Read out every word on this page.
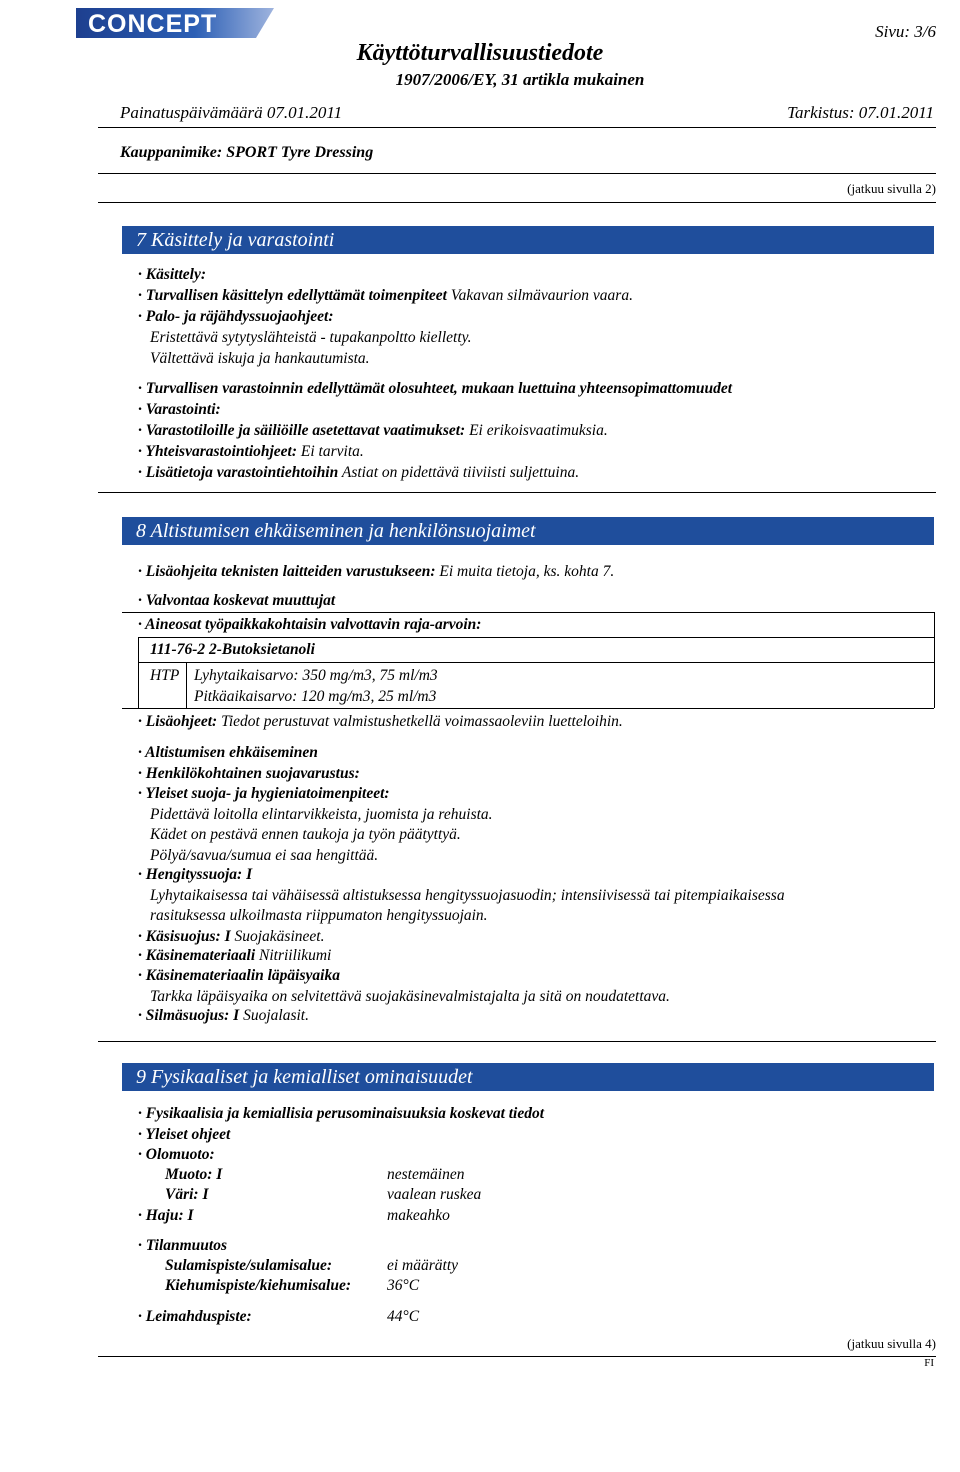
CONCEPT	Sivu: 3/6
Käyttöturvallisuustiedote
1907/2006/EY, 31 artikla mukainen
Painatuspäivämäärä 07.01.2011	Tarkistus: 07.01.2011
Kauppanimike: SPORT Tyre Dressing
(jatkuu sivulla 2)
7 Käsittely ja varastointi
· Käsittely:
· Turvallisen käsittelyn edellyttämät toimenpiteet Vakavan silmävaurion vaara.
· Palo- ja räjähdyssuojaohjeet:
Eristettävä sytytyslähteistä - tupakanpoltto kielletty.
Vältettävä iskuja ja hankautumista.
· Turvallisen varastoinnin edellyttämät olosuhteet, mukaan luettuina yhteensopimattomuudet
· Varastointi:
· Varastotiloille ja säiliöille asetettavat vaatimukset: Ei erikoisvaatimuksia.
· Yhteisvarastointiohjeet: Ei tarvita.
· Lisätietoja varastointiehtoihin Astiat on pidettävä tiiviisti suljettuina.
8 Altistumisen ehkäiseminen ja henkilönsuojaimet
· Lisäohjeita teknisten laitteiden varustukseen: Ei muita tietoja, ks. kohta 7.
· Valvontaa koskevat muuttujat
· Aineosat työpaikkakohtaisin valvottavin raja-arvoin:
111-76-2 2-Butoksietanoli
HTP Lyhytaikaisarvo: 350 mg/m3, 75 ml/m3
Pitkäaikaisarvo: 120 mg/m3, 25 ml/m3
· Lisäohjeet: Tiedot perustuvat valmistushetkellä voimassaoleviin luetteloihin.
· Altistumisen ehkäiseminen
· Henkilökohtainen suojavarustus:
· Yleiset suoja- ja hygieniatoimenpiteet:
Pidettävä loitolla elintarvikkeista, juomista ja rehuista.
Kädet on pestävä ennen taukoja ja työn päätyttyä.
Pölyä/savua/sumua ei saa hengittää.
· Hengityssuoja: I
Lyhytaikaisessa tai vähäisessä altistuksessa hengityssuojasuodin; intensiivisessä tai pitempiaikaisessa
rasituksessa ulkoilmasta riippumaton hengityssuojain.
· Käsisuojus: I Suojakäsineet.
· Käsinemateriaali Nitriilikumi
· Käsinemateriaalin läpäisyaika
Tarkka läpäisyaika on selvitettävä suojakäsinevalmistajalta ja sitä on noudatettava.
· Silmäsuojus: I Suojalasit.
9 Fysikaaliset ja kemialliset ominaisuudet
· Fysikaalisia ja kemiallisia perusominaisuuksia koskevat tiedot
· Yleiset ohjeet
· Olomuoto:
Muoto: I	nestemäinen
Väri: I	vaalean ruskea
· Haju: I	makeahko
· Tilanmuutos
Sulamispiste/sulamisalue:	ei määrätty
Kiehumispiste/kiehumisalue: 36°C
· Leimahduspiste:	44°C
(jatkuu sivulla 4)
FI
